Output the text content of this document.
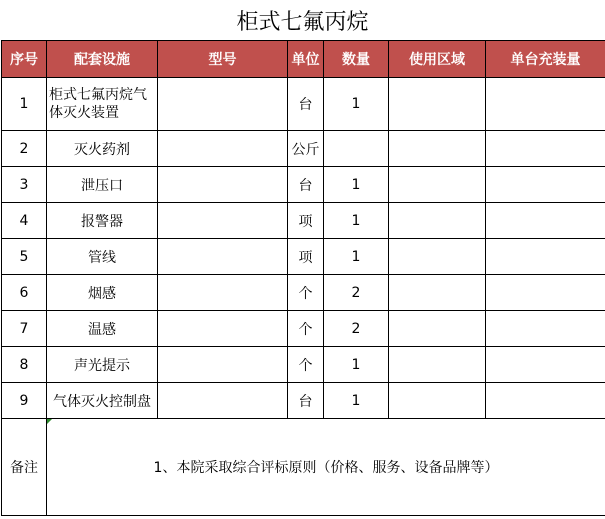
柜式七氟丙烷
序号	配套设施	型号	单位	数量	使用区域	单台充装量
1	柜式七氟丙烷气体灭火装置		台	1		
2	灭火药剂		公斤			
3	泄压口		台	1		
4	报警器		项	1		
5	管线		项	1		
6	烟感		个	2		
7	温感		个	2		
8	声光提示		个	1		
9	气体灭火控制盘		台	1		
备注	1、本院采取综合评标原则（价格、服务、设备品牌等）					
